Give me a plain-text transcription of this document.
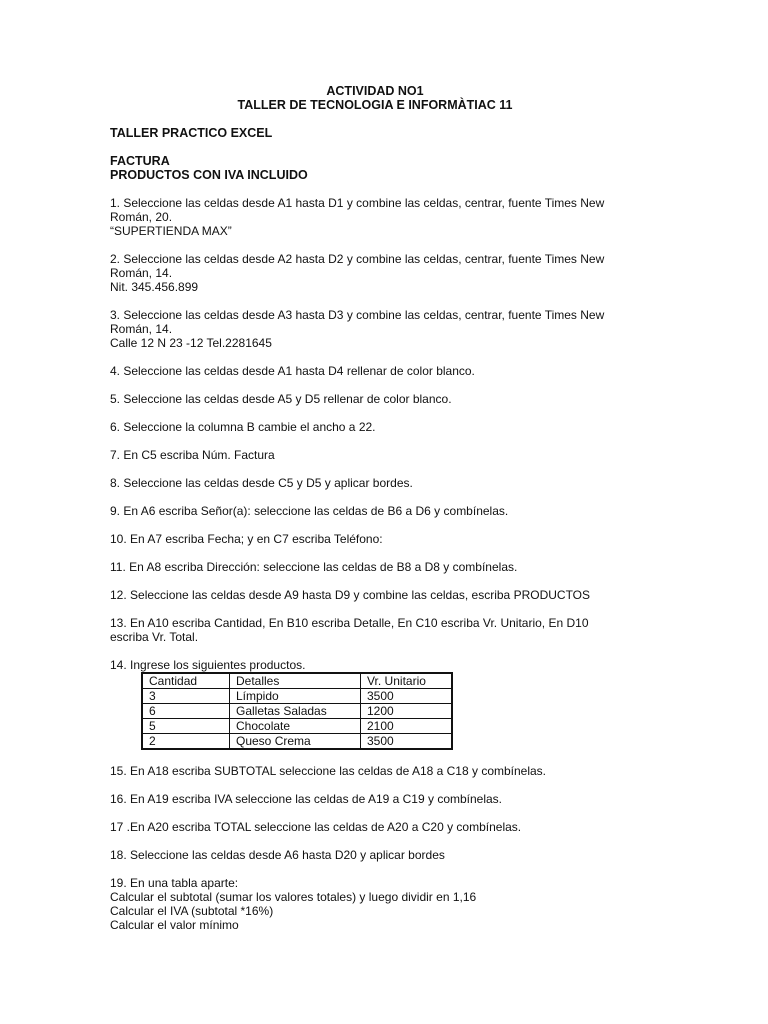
ACTIVIDAD NO1
TALLER DE TECNOLOGIA E INFORMÀTIAC 11
TALLER PRACTICO EXCEL
FACTURA
PRODUCTOS CON IVA INCLUIDO
1. Seleccione las celdas desde A1 hasta D1 y combine las celdas, centrar, fuente Times New
Román, 20.
“SUPERTIENDA MAX”
2. Seleccione las celdas desde A2 hasta D2 y combine las celdas, centrar, fuente Times New
Román, 14.
Nit. 345.456.899
3. Seleccione las celdas desde A3 hasta D3 y combine las celdas, centrar, fuente Times New
Román, 14.
Calle 12 N 23 -12 Tel.2281645
4. Seleccione las celdas desde A1 hasta D4 rellenar de color blanco.
5. Seleccione las celdas desde A5 y D5 rellenar de color blanco.
6. Seleccione la columna B cambie el ancho a 22.
7. En C5 escriba Núm. Factura
8. Seleccione las celdas desde C5 y D5 y aplicar bordes.
9. En A6 escriba Señor(a): seleccione las celdas de B6 a D6 y combínelas.
10. En A7 escriba Fecha; y en C7 escriba Teléfono:
11. En A8 escriba Dirección: seleccione las celdas de B8 a D8 y combínelas.
12. Seleccione las celdas desde A9 hasta D9 y combine las celdas, escriba PRODUCTOS
13. En A10 escriba Cantidad, En B10 escriba Detalle, En C10 escriba Vr. Unitario, En D10
escriba Vr. Total.
14. Ingrese los siguientes productos.
Cantidad	Detalles	Vr. Unitario
3	Límpido	3500
6	Galletas Saladas	1200
5	Chocolate	2100
2	Queso Crema	3500
15. En A18 escriba SUBTOTAL seleccione las celdas de A18 a C18 y combínelas.
16. En A19 escriba IVA seleccione las celdas de A19 a C19 y combínelas.
17 .En A20 escriba TOTAL seleccione las celdas de A20 a C20 y combínelas.
18. Seleccione las celdas desde A6 hasta D20 y aplicar bordes
19. En una tabla aparte:
Calcular el subtotal (sumar los valores totales) y luego dividir en 1,16
Calcular el IVA (subtotal *16%)
Calcular el valor mínimo
